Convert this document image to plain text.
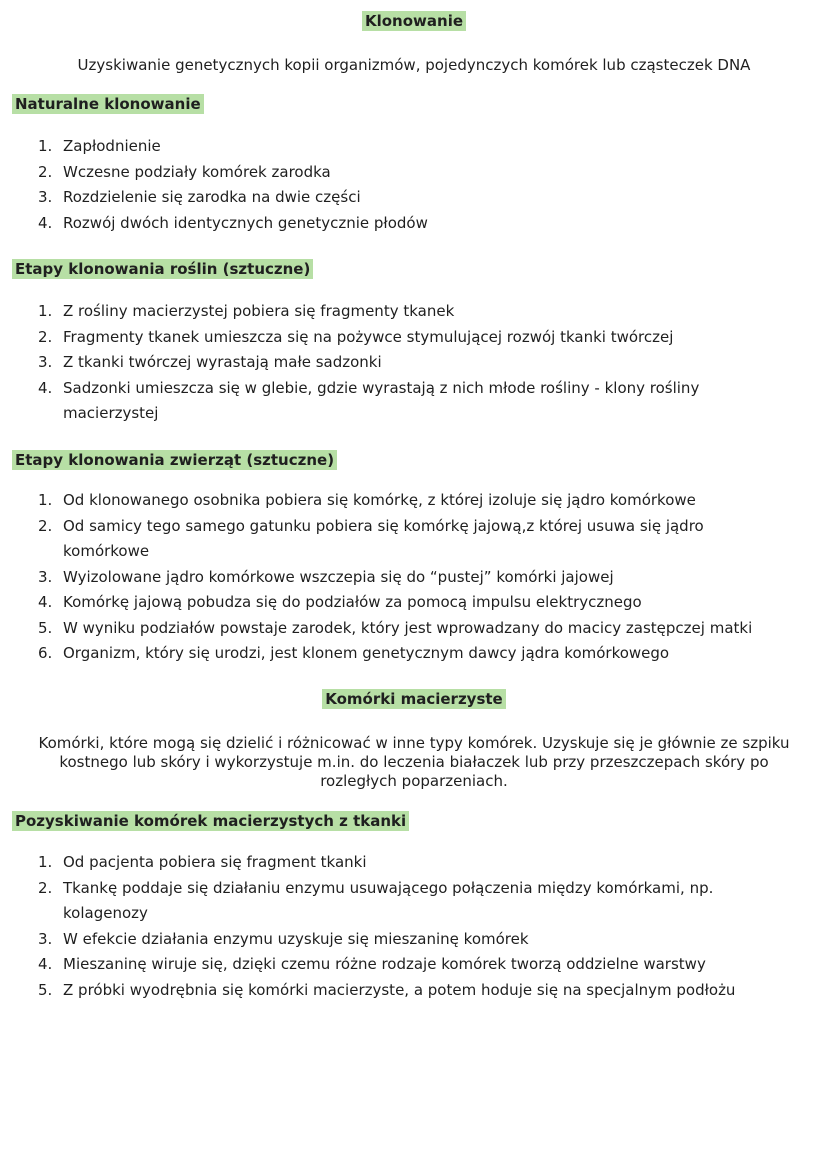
Klonowanie
Uzyskiwanie genetycznych kopii organizmów, pojedynczych komórek lub cząsteczek DNA
Naturalne klonowanie
1. Zapłodnienie
2. Wczesne podziały komórek zarodka
3. Rozdzielenie się zarodka na dwie części
4. Rozwój dwóch identycznych genetycznie płodów
Etapy klonowania roślin (sztuczne)
1. Z rośliny macierzystej pobiera się fragmenty tkanek
2. Fragmenty tkanek umieszcza się na pożywce stymulującej rozwój tkanki twórczej
3. Z tkanki twórczej wyrastają małe sadzonki
4. Sadzonki umieszcza się w glebie, gdzie wyrastają z nich młode rośliny - klony rośliny macierzystej
Etapy klonowania zwierząt (sztuczne)
1. Od klonowanego osobnika pobiera się komórkę, z której izoluje się jądro komórkowe
2. Od samicy tego samego gatunku pobiera się komórkę jajową,z której usuwa się jądro komórkowe
3. Wyizolowane jądro komórkowe wszczepia się do “pustej” komórki jajowej
4. Komórkę jajową pobudza się do podziałów za pomocą impulsu elektrycznego
5. W wyniku podziałów powstaje zarodek, który jest wprowadzany do macicy zastępczej matki
6. Organizm, który się urodzi, jest klonem genetycznym dawcy jądra komórkowego
Komórki macierzyste
Komórki, które mogą się dzielić i różnicować w inne typy komórek. Uzyskuje się je głównie ze szpiku kostnego lub skóry i wykorzystuje m.in. do leczenia białaczek lub przy przeszczepach skóry po rozległych poparzeniach.
Pozyskiwanie komórek macierzystych z tkanki
1. Od pacjenta pobiera się fragment tkanki
2. Tkankę poddaje się działaniu enzymu usuwającego połączenia między komórkami, np. kolagenozy
3. W efekcie działania enzymu uzyskuje się mieszaninę komórek
4. Mieszaninę wiruje się, dzięki czemu różne rodzaje komórek tworzą oddzielne warstwy
5. Z próbki wyodrębnia się komórki macierzyste, a potem hoduje się na specjalnym podłożu
